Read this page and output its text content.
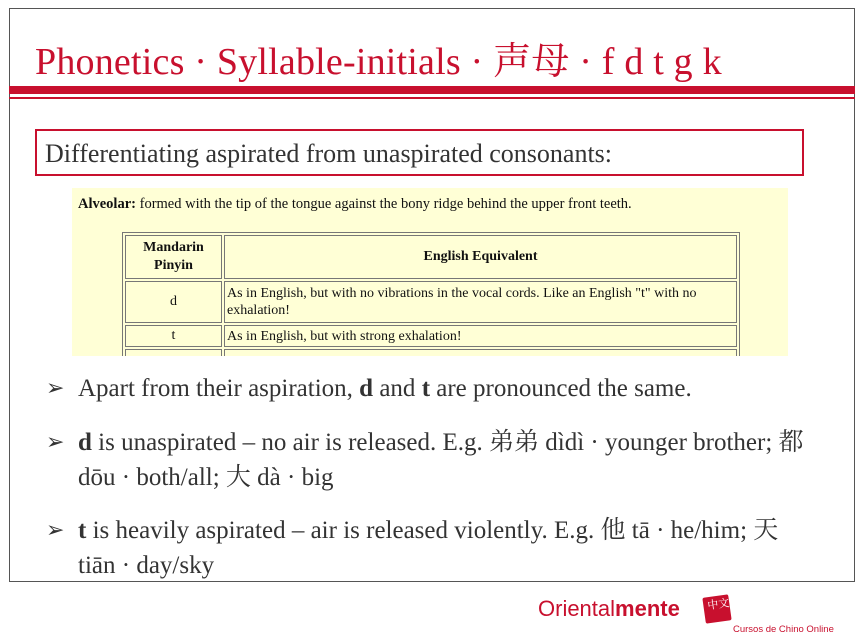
Phonetics · Syllable-initials · 声母 · f d t g k
Differentiating aspirated from unaspirated consonants:
Alveolar: formed with the tip of the tongue against the bony ridge behind the upper front teeth.
Mandarin
Pinyin	English Equivalent
d	As in English, but with no vibrations in the vocal cords. Like an English "t" with no exhalation!
t	As in English, but with strong exhalation!

➢ Apart from their aspiration, d and t are pronounced the same.
➢ d is unaspirated – no air is released. E.g. 弟弟 dìdì · younger brother; 都 dōu · both/all; 大 dà · big
➢ t is heavily aspirated – air is released violently. E.g. 他 tā · he/him; 天 tiān · day/sky
Orientalmente 中文
Cursos de Chino Online
